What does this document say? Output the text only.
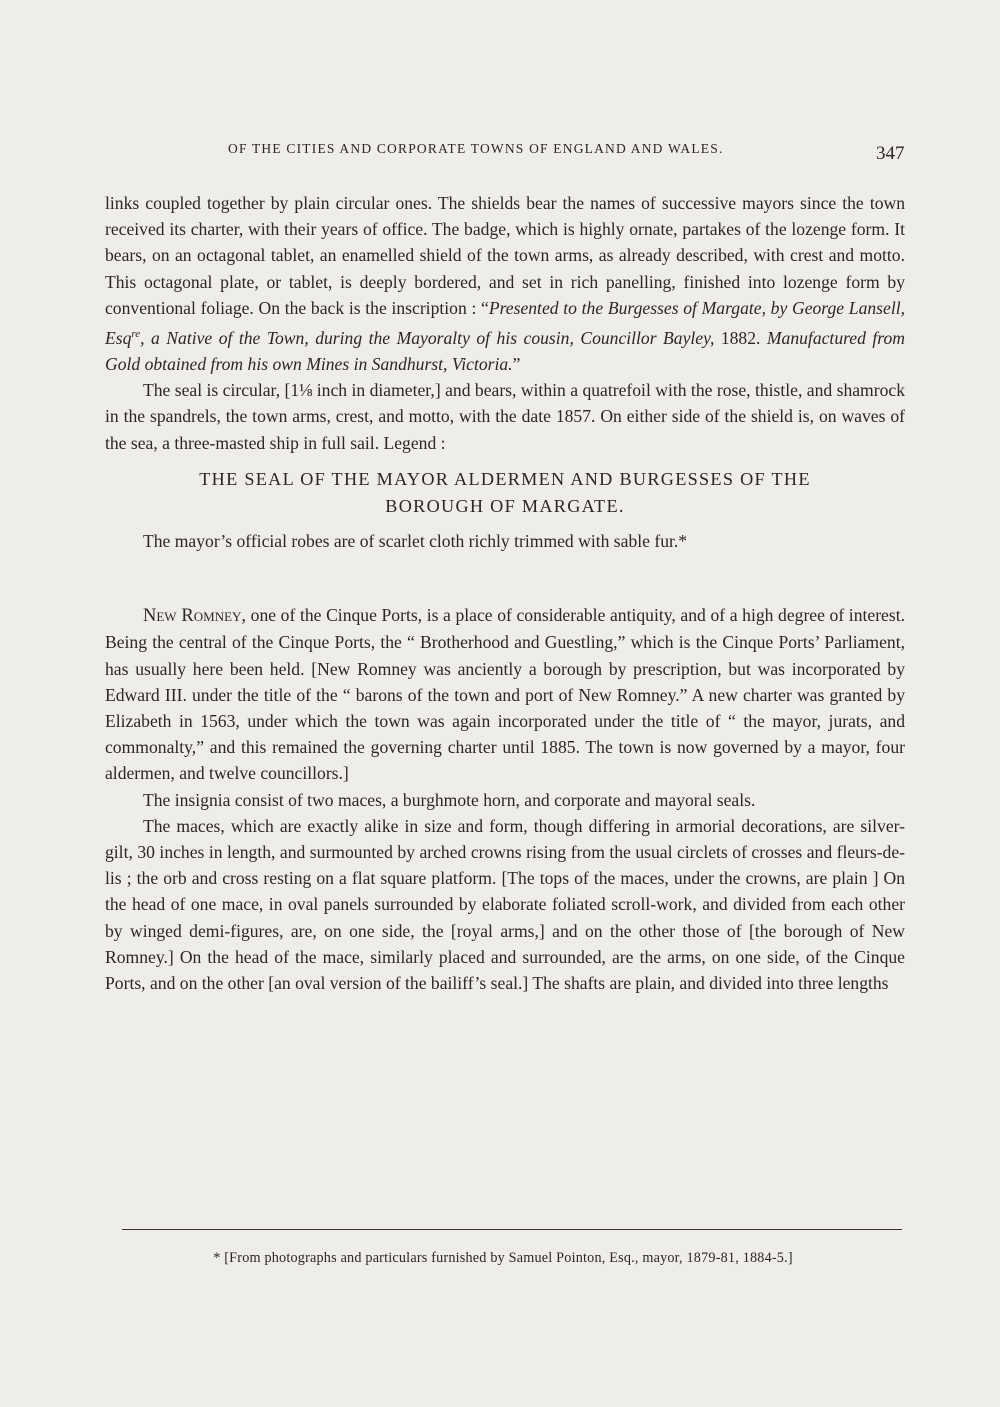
OF THE CITIES AND CORPORATE TOWNS OF ENGLAND AND WALES.	347

links coupled together by plain circular ones. The shields bear the names of successive mayors since the town received its charter, with their years of office. The badge, which is highly ornate, partakes of the lozenge form. It bears, on an octagonal tablet, an enamelled shield of the town arms, as already described, with crest and motto. This octagonal plate, or tablet, is deeply bordered, and set in rich panelling, finished into lozenge form by conventional foliage. On the back is the inscription : “Presented to the Burgesses of Margate, by George Lansell, Esq$^{re}$, a Native of the Town, during the Mayoralty of his cousin, Councillor Bayley, 1882. Manufactured from Gold obtained from his own Mines in Sandhurst, Victoria.”

The seal is circular, [1⅛ inch in diameter,] and bears, within a quatrefoil with the rose, thistle, and shamrock in the spandrels, the town arms, crest, and motto, with the date 1857. On either side of the shield is, on waves of the sea, a three-masted ship in full sail. Legend :

THE SEAL OF THE MAYOR ALDERMEN AND BURGESSES OF THE
BOROUGH OF MARGATE.

The mayor’s official robes are of scarlet cloth richly trimmed with sable fur.*

New Romney, one of the Cinque Ports, is a place of considerable antiquity, and of a high degree of interest. Being the central of the Cinque Ports, the “ Brotherhood and Guestling,” which is the Cinque Ports’ Parliament, has usually here been held. [New Romney was anciently a borough by prescription, but was incorporated by Edward III. under the title of the “ barons of the town and port of New Romney.” A new charter was granted by Elizabeth in 1563, under which the town was again incorporated under the title of “ the mayor, jurats, and commonalty,” and this remained the governing charter until 1885. The town is now governed by a mayor, four aldermen, and twelve councillors.]

The insignia consist of two maces, a burghmote horn, and corporate and mayoral seals.

The maces, which are exactly alike in size and form, though differing in armorial decorations, are silver-gilt, 30 inches in length, and surmounted by arched crowns rising from the usual circlets of crosses and fleurs-de-lis ; the orb and cross resting on a flat square platform. [The tops of the maces, under the crowns, are plain ] On the head of one mace, in oval panels surrounded by elaborate foliated scroll-work, and divided from each other by winged demi-figures, are, on one side, the [royal arms,] and on the other those of [the borough of New Romney.] On the head of the mace, similarly placed and surrounded, are the arms, on one side, of the Cinque Ports, and on the other [an oval version of the bailiff’s seal.] The shafts are plain, and divided into three lengths

* [From photographs and particulars furnished by Samuel Pointon, Esq., mayor, 1879-81, 1884-5.]
